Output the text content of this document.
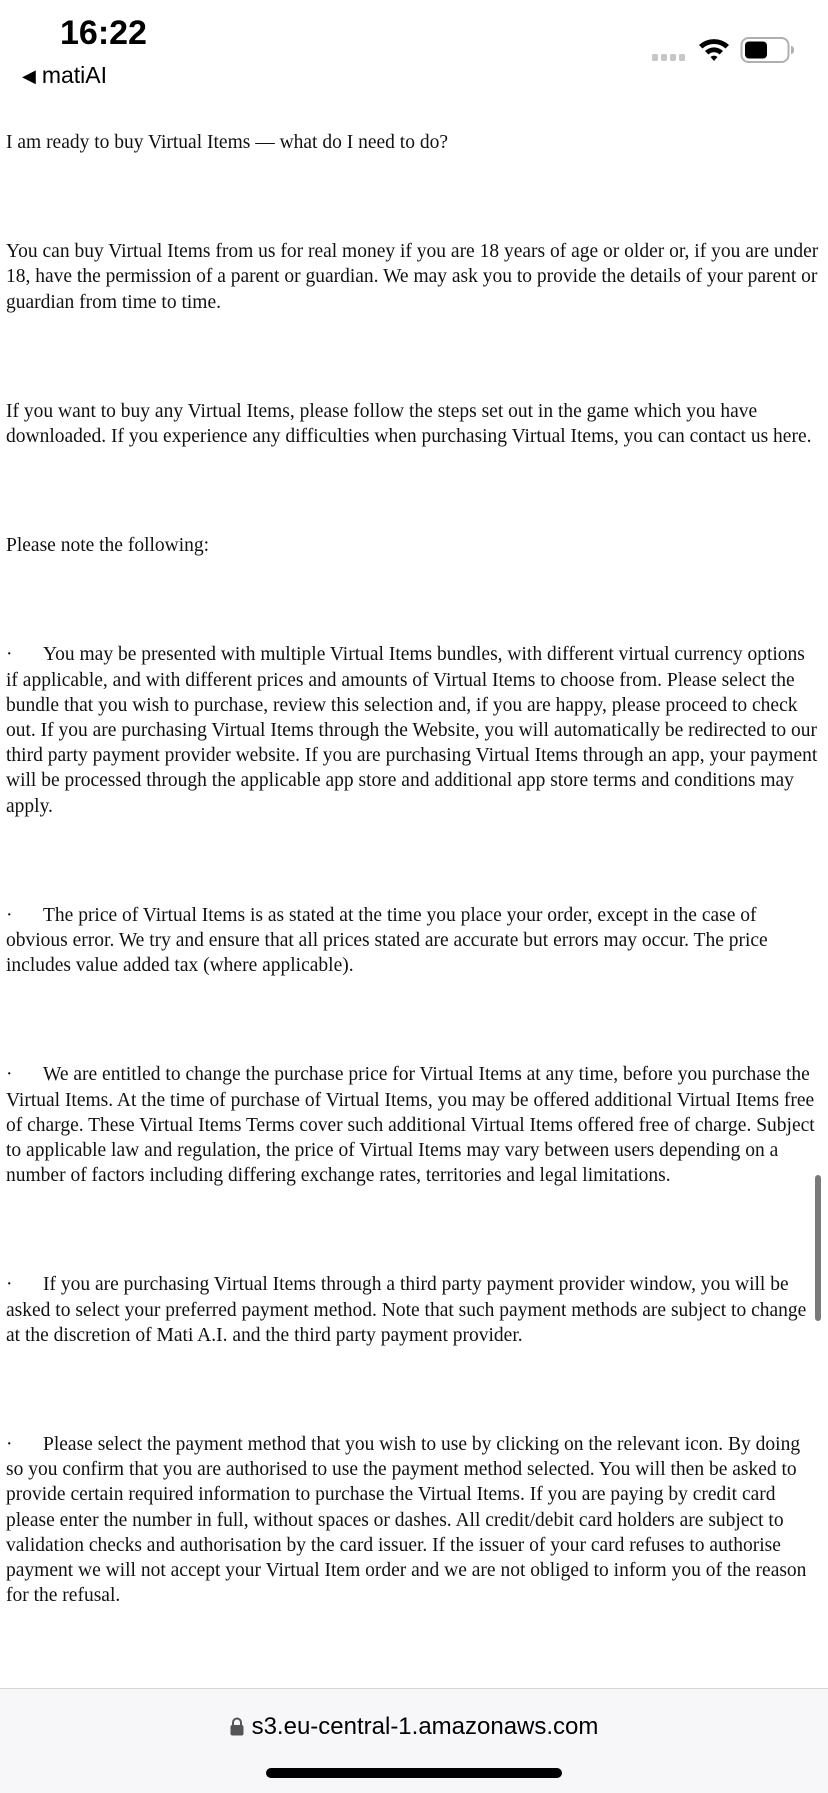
16:22
◀ matiAI

I am ready to buy Virtual Items — what do I need to do?

You can buy Virtual Items from us for real money if you are 18 years of age or older or, if you are under 18, have the permission of a parent or guardian. We may ask you to provide the details of your parent or guardian from time to time.

If you want to buy any Virtual Items, please follow the steps set out in the game which you have downloaded. If you experience any difficulties when purchasing Virtual Items, you can contact us here.

Please note the following:

· You may be presented with multiple Virtual Items bundles, with different virtual currency options if applicable, and with different prices and amounts of Virtual Items to choose from. Please select the bundle that you wish to purchase, review this selection and, if you are happy, please proceed to check out. If you are purchasing Virtual Items through the Website, you will automatically be redirected to our third party payment provider website. If you are purchasing Virtual Items through an app, your payment will be processed through the applicable app store and additional app store terms and conditions may apply.

· The price of Virtual Items is as stated at the time you place your order, except in the case of obvious error. We try and ensure that all prices stated are accurate but errors may occur. The price includes value added tax (where applicable).

· We are entitled to change the purchase price for Virtual Items at any time, before you purchase the Virtual Items. At the time of purchase of Virtual Items, you may be offered additional Virtual Items free of charge. These Virtual Items Terms cover such additional Virtual Items offered free of charge. Subject to applicable law and regulation, the price of Virtual Items may vary between users depending on a number of factors including differing exchange rates, territories and legal limitations.

· If you are purchasing Virtual Items through a third party payment provider window, you will be asked to select your preferred payment method. Note that such payment methods are subject to change at the discretion of Mati A.I. and the third party payment provider.

· Please select the payment method that you wish to use by clicking on the relevant icon. By doing so you confirm that you are authorised to use the payment method selected. You will then be asked to provide certain required information to purchase the Virtual Items. If you are paying by credit card please enter the number in full, without spaces or dashes. All credit/debit card holders are subject to validation checks and authorisation by the card issuer. If the issuer of your card refuses to authorise payment we will not accept your Virtual Item order and we are not obliged to inform you of the reason for the refusal.

s3.eu-central-1.amazonaws.com
